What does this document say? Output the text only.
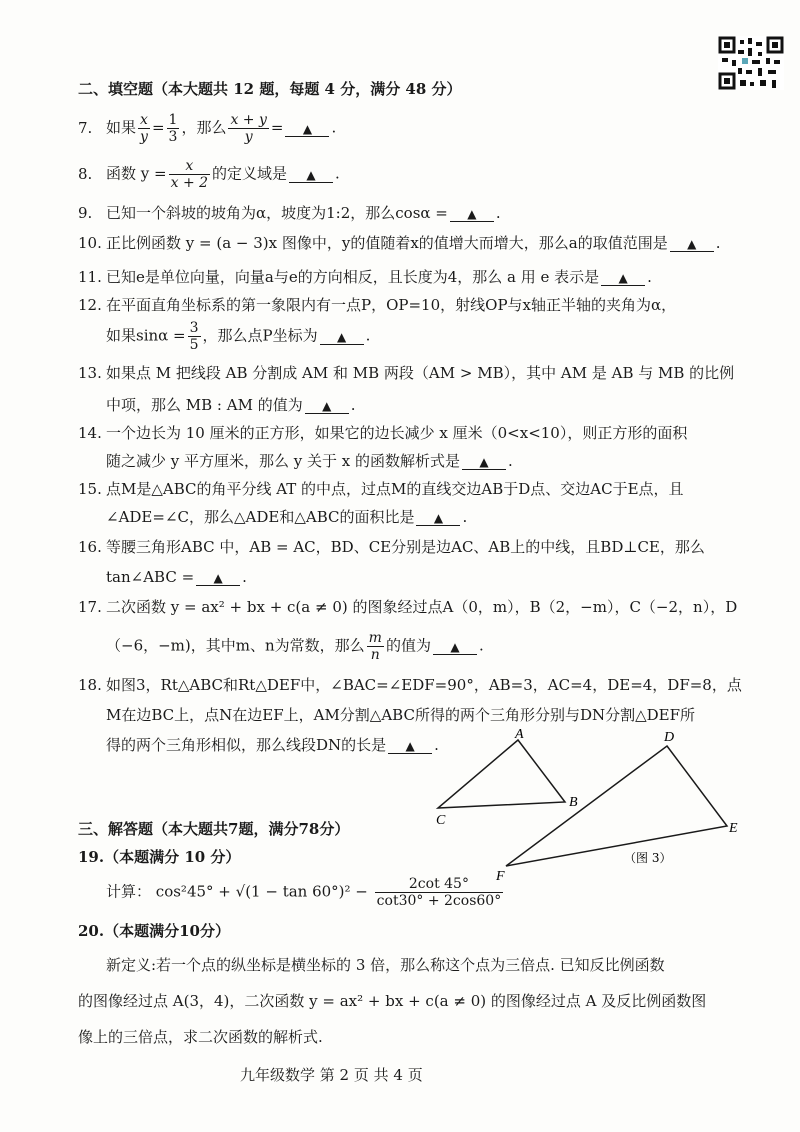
二、填空题（本大题共 12 题，每题 4 分，满分 48 分）
7. 如果 $\frac{x}{y} = \frac{1}{3}$ ，那么 $\frac{x + y}{y}$ = ▲ .
8. 函数 $y = \frac{x}{x + 2}$ 的定义域是 ▲ .
9. 已知一个斜坡的坡角为α，坡度为1:2，那么cosα = ▲ .
10. 正比例函数 y = (a − 3)x 图像中，y的值随着x的值增大而增大，那么a的取值范围是 ▲ .
11. 已知e是单位向量，向量a与e的方向相反，且长度为4，那么 a 用 e 表示是 ▲ .
12. 在平面直角坐标系的第一象限内有一点P，OP=10，射线OP与x轴正半轴的夹角为α，
如果$\sin\alpha = \frac{3}{5}$ ，那么点P坐标为 ▲ .
13. 如果点 M 把线段 AB 分割成 AM 和 MB 两段（AM > MB），其中 AM 是 AB 与 MB 的比例
中项，那么 MB : AM 的值为 ▲ .
14. 一个边长为 10 厘米的正方形，如果它的边长减少 x 厘米（0<x<10），则正方形的面积
随之减少 y 平方厘米，那么 y 关于 x 的函数解析式是 ▲ .
15. 点M是△ABC的角平分线 AT 的中点，过点M的直线交边AB于D点、交边AC于E点，且
∠ADE=∠C，那么△ADE和△ABC的面积比是 ▲ .
16. 等腰三角形ABC 中，AB = AC，BD、CE分别是边AC、AB上的中线，且BD⊥CE，那么
tan∠ABC = ▲ .
17. 二次函数 y = ax² + bx + c(a ≠ 0) 的图象经过点A（0，m），B（2，−m），C（−2，n），D
（−6，−m)，其中m、n为常数，那么 $\frac{m}{n}$ 的值为 ▲ .
18. 如图3，Rt△ABC和Rt△DEF中，∠BAC=∠EDF=90°，AB=3，AC=4，DE=4，DF=8，点
M在边BC上，点N在边EF上，AM分割△ABC所得的两个三角形分别与DN分割△DEF所
得的两个三角形相似，那么线段DN的长是 ▲ .
A
B
C
D
E
F
（图 3）
三、解答题（本大题共7题，满分78分）
19.（本题满分 10 分）
计算： $\cos^245^\circ + √(1 - \tan 60^\circ)^2 - \frac{2\cot 45^\circ}{\cot 30^\circ + 2\cos 60^\circ}$
20.（本题满分10分）
新定义:若一个点的纵坐标是横坐标的 3 倍，那么称这个点为三倍点. 已知反比例函数
的图像经过点 A(3，4)，二次函数 y = ax² + bx + c(a ≠ 0) 的图像经过点 A 及反比例函数图
像上的三倍点，求二次函数的解析式.
九年级数学 第 2 页 共 4 页
